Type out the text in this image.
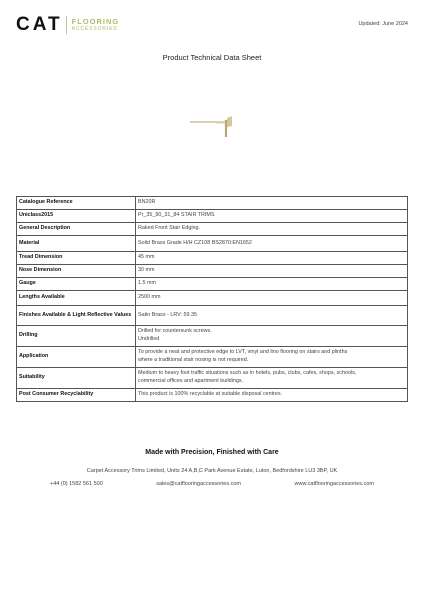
CAT FLOORING
ACCESSORIES
Updated: June 2024
Product Technical Data Sheet
Catalogue Reference	BN20R

Uniclass2015	Pr_35_90_31_84 STAIR TRIMS

General Description	Raked Front Stair Edging.

Material	Solid Brass Grade H/H CZ108 BS2870:EN1652

Tread Dimension	45 mm

Nose Dimension	30 mm

Gauge	1.5 mm

Lengths Available	2500 mm

Finishes Available & Light Reflective Values	Satin Brass - LRV: 59.35

Drilling	Drilled for countersunk screws.
Undrilled

Application	To provide a neat and protective edge to LVT, vinyl and lino flooring on stairs and plinths
where a traditional stair nosing is not required.

Suitability	Medium to heavy foot traffic situations such as in hotels, pubs, clubs, cafes, shops, schools,
commercial offices and apartment buildings.

Post Consumer Recyclability	This product is 100% recyclable at suitable disposal centres.
Made with Precision, Finished with Care
Carpet Accessory Trims Limited, Units 24 A,B,C Park Avenue Estate, Luton, Bedfordshire LU3 3BP, UK
+44 (0) 1582 561 500	sales@catflooringaccessories.com	www.catflooringaccessories.com
